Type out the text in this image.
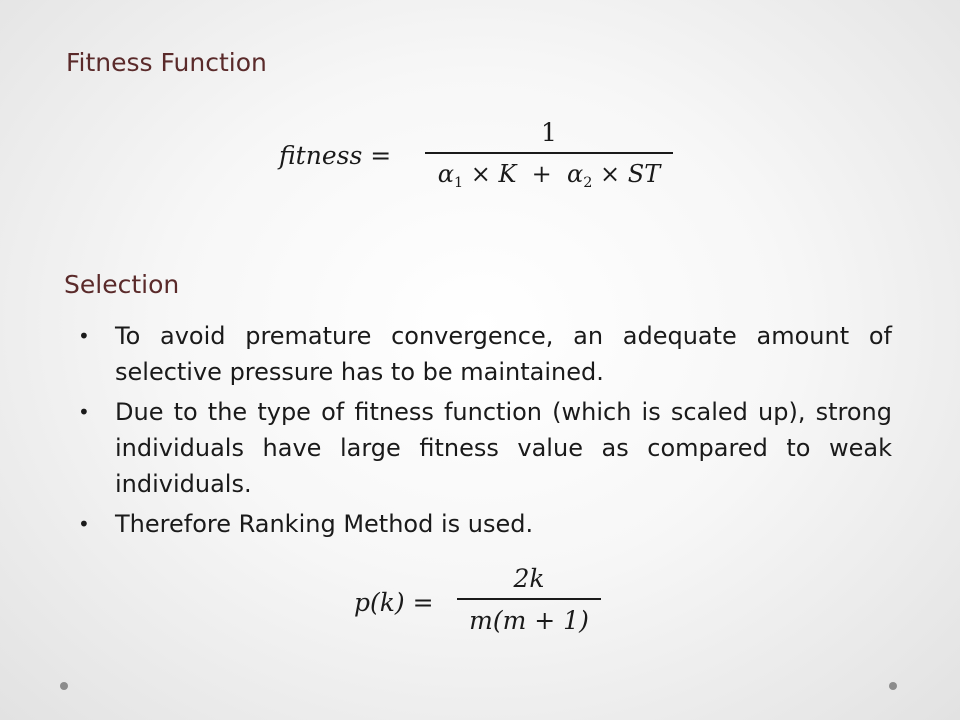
Fitness Function
fitness =
1
$\alpha_1 \times K + \alpha_2$ × ST
Selection
• To avoid premature convergence, an adequate amount of selective pressure has to be maintained.
• Due to the type of fitness function (which is scaled up), strong individuals have large fitness value as compared to weak individuals.
• Therefore Ranking Method is used.
p(k) =
2k
m(m + 1)
